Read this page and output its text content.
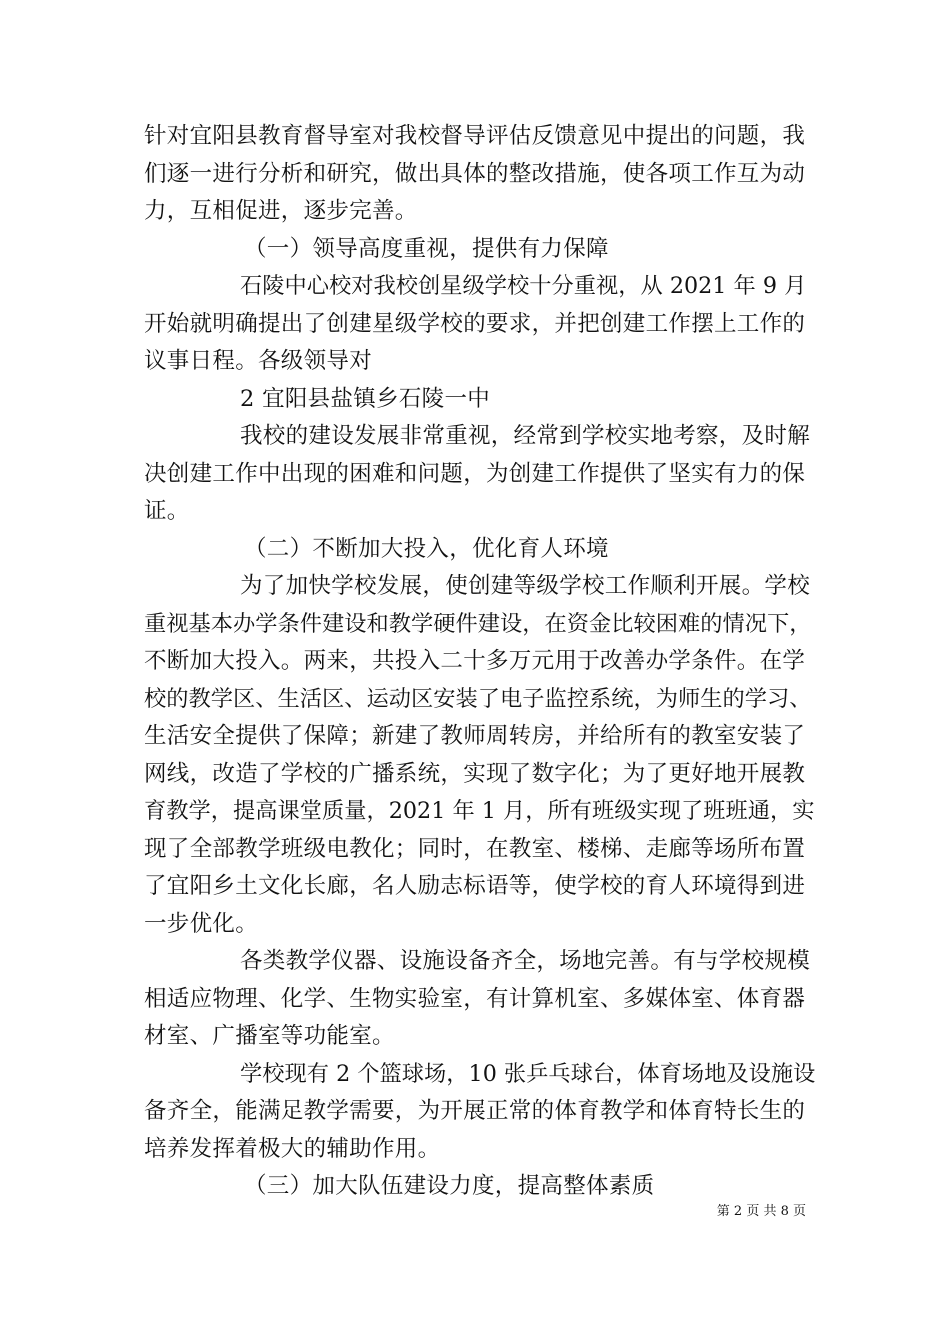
针对宜阳县教育督导室对我校督导评估反馈意见中提出的问题，我
们逐一进行分析和研究，做出具体的整改措施，使各项工作互为动
力，互相促进，逐步完善。
（一）领导高度重视，提供有力保障
石陵中心校对我校创星级学校十分重视，从 2021 年 9 月
开始就明确提出了创建星级学校的要求，并把创建工作摆上工作的
议事日程。各级领导对
2 宜阳县盐镇乡石陵一中
我校的建设发展非常重视，经常到学校实地考察，及时解
决创建工作中出现的困难和问题，为创建工作提供了坚实有力的保
证。
（二）不断加大投入，优化育人环境
为了加快学校发展，使创建等级学校工作顺利开展。学校
重视基本办学条件建设和教学硬件建设，在资金比较困难的情况下，
不断加大投入。两来，共投入二十多万元用于改善办学条件。在学
校的教学区、生活区、运动区安装了电子监控系统，为师生的学习、
生活安全提供了保障；新建了教师周转房，并给所有的教室安装了
网线，改造了学校的广播系统，实现了数字化；为了更好地开展教
育教学，提高课堂质量，2021 年 1 月，所有班级实现了班班通，实
现了全部教学班级电教化；同时，在教室、楼梯、走廊等场所布置
了宜阳乡土文化长廊，名人励志标语等，使学校的育人环境得到进
一步优化。
各类教学仪器、设施设备齐全，场地完善。有与学校规模
相适应物理、化学、生物实验室，有计算机室、多媒体室、体育器
材室、广播室等功能室。
学校现有 2 个篮球场，10 张乒乓球台，体育场地及设施设
备齐全，能满足教学需要，为开展正常的体育教学和体育特长生的
培养发挥着极大的辅助作用。
（三）加大队伍建设力度，提高整体素质
第 2 页 共 8 页
